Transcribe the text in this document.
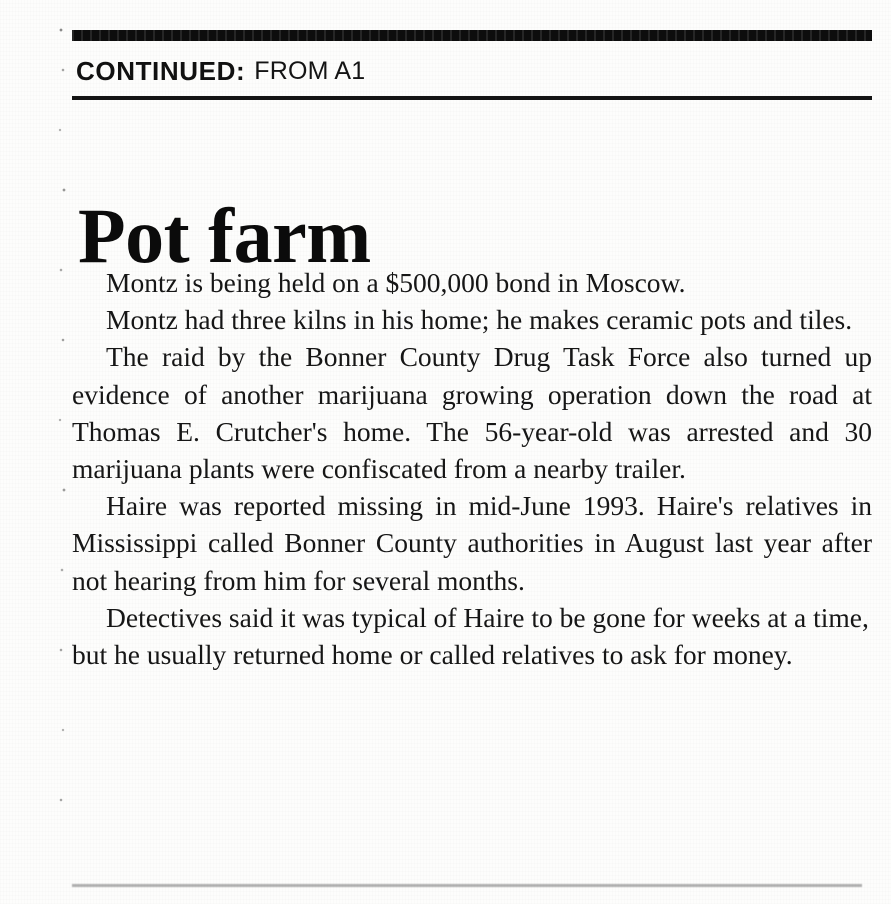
CONTINUED: FROM A1
Pot farm

Montz is being held on a $500,000 bond in Moscow.

Montz had three kilns in his home; he makes ceramic pots and tiles.

The raid by the Bonner County Drug Task Force also turned up evidence of another marijuana growing operation down the road at Thomas E. Crutcher's home. The 56-year-old was arrested and 30 marijuana plants were confiscated from a nearby trailer.

Haire was reported missing in mid-June 1993. Haire's relatives in Mississippi called Bonner County authorities in August last year after not hearing from him for several months.

Detectives said it was typical of Haire to be gone for weeks at a time, but he usually returned home or called relatives to ask for money.
